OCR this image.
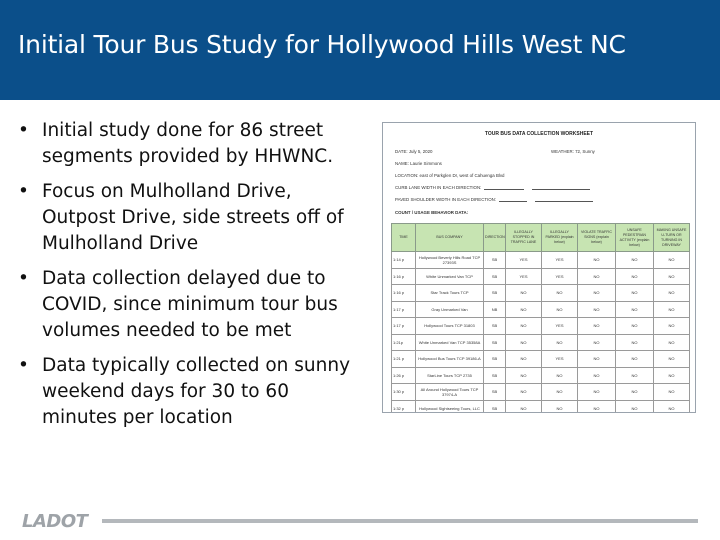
Initial Tour Bus Study for Hollywood Hills West NC
• Initial study done for 86 street segments provided by HHWNC.
• Focus on Mulholland Drive, Outpost Drive, side streets off of Mulholland Drive
• Data collection delayed due to COVID, since minimum tour bus volumes needed to be met
• Data typically collected on sunny weekend days for 30 to 60 minutes per location
TOUR BUS DATA COLLECTION WORKSHEET
DATE: July 5, 2020	WEATHER: 72, Sunny
NAME: Laurie Simmons
LOCATION: east of Parkglen Dr, west of Cahuenga Blvd
CURB LANE WIDTH IN EACH DIRECTION:
PAVED SHOULDER WIDTH IN EACH DIRECTION:
COUNT / USAGE BEHAVIOR DATA:
TIME	BUS COMPANY	DIRECTION	ILLEGALLY STOPPED IN TRAFFIC LANE	ILLEGALLY PARKED (explain below)	VIOLATE TRAFFIC SIGNS (explain below)	UNSAFE PEDESTRIAN ACTIVITY (explain below)	MAKING UNSAFE U-TURN OR TURNING IN DRIVEWAY
1:14 p	Hollywood Beverly Hills Road TCP 27393S	SB	YES	YES	NO	NO	NO
1:16 p	White Unmarked Van TCP	SB	YES	YES	NO	NO	NO
1:16 p	Star Track Tours TCP	SB	NO	NO	NO	NO	NO
1:17 p	Gray Unmarked Van	NB	NO	NO	NO	NO	NO
1:17 p	Hollywood Tours TCP 31803	SB	NO	YES	NO	NO	NO
1:21p	White Unmarked Van TCP 35358A	SB	NO	NO	NO	NO	NO
1:21 p	Hollywood Bus Tours TCP 39186-A	SB	NO	YES	NO	NO	NO
1:26 p	StarLine Tours TCP 2735	SB	NO	NO	NO	NO	NO
1:30 p	All Around Hollywood Tours TCP 37974-A	SB	NO	NO	NO	NO	NO
1:32 p	Hollywood Sightseeing Tours, LLC	SB	NO	NO	NO	NO	NO
LADOT
